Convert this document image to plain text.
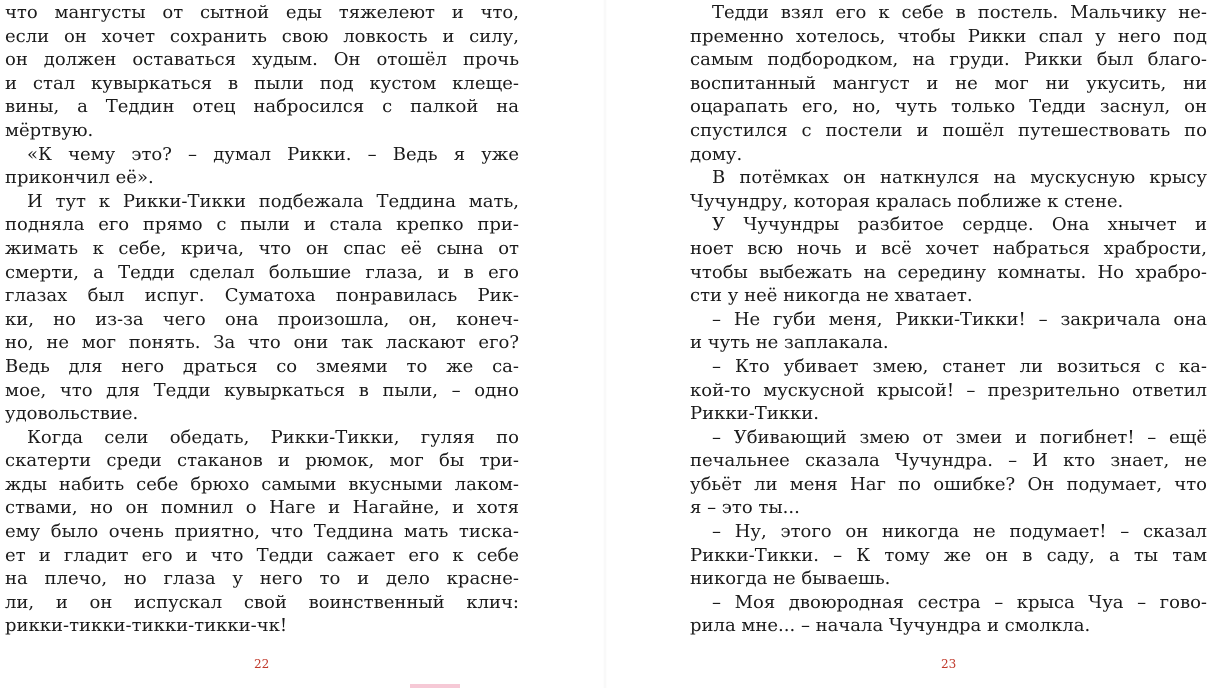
что мангусты от сытной еды тяжелеют и что,
если он хочет сохранить свою ловкость и силу,
он должен оставаться худым. Он отошёл прочь
и стал кувыркаться в пыли под кустом клеще-
вины, а Теддин отец набросился с палкой на
мёртвую.
«К чему это? – думал Рикки. – Ведь я уже
прикончил её».
И тут к Рикки-Тикки подбежала Теддина мать,
подняла его прямо с пыли и стала крепко при-
жимать к себе, крича, что он спас её сына от
смерти, а Тедди сделал большие глаза, и в его
глазах был испуг. Суматоха понравилась Рик-
ки, но из-за чего она произошла, он, конеч-
но, не мог понять. За что они так ласкают его?
Ведь для него драться со змеями то же са-
мое, что для Тедди кувыркаться в пыли, – одно
удовольствие.
Когда сели обедать, Рикки-Тикки, гуляя по
скатерти среди стаканов и рюмок, мог бы три-
жды набить себе брюхо самыми вкусными лаком-
ствами, но он помнил о Наге и Нагайне, и хотя
ему было очень приятно, что Теддина мать тиска-
ет и гладит его и что Тедди сажает его к себе
на плечо, но глаза у него то и дело красне-
ли, и он испускал свой воинственный клич:
рикки-тикки-тикки-тикки-чк!
22
Тедди взял его к себе в постель. Мальчику не-
пременно хотелось, чтобы Рикки спал у него под
самым подбородком, на груди. Рикки был благо-
воспитанный мангуст и не мог ни укусить, ни
оцарапать его, но, чуть только Тедди заснул, он
спустился с постели и пошёл путешествовать по
дому.
В потёмках он наткнулся на мускусную крысу
Чучундру, которая кралась поближе к стене.
У Чучундры разбитое сердце. Она хнычет и
ноет всю ночь и всё хочет набраться храбрости,
чтобы выбежать на середину комнаты. Но храбро-
сти у неё никогда не хватает.
– Не губи меня, Рикки-Тикки! – закричала она
и чуть не заплакала.
– Кто убивает змею, станет ли возиться с ка-
кой-то мускусной крысой! – презрительно ответил
Рикки-Тикки.
– Убивающий змею от змеи и погибнет! – ещё
печальнее сказала Чучундра. – И кто знает, не
убьёт ли меня Наг по ошибке? Он подумает, что
я – это ты...
– Ну, этого он никогда не подумает! – сказал
Рикки-Тикки. – К тому же он в саду, а ты там
никогда не бываешь.
– Моя двоюродная сестра – крыса Чуа – гово-
рила мне... – начала Чучундра и смолкла.
23
